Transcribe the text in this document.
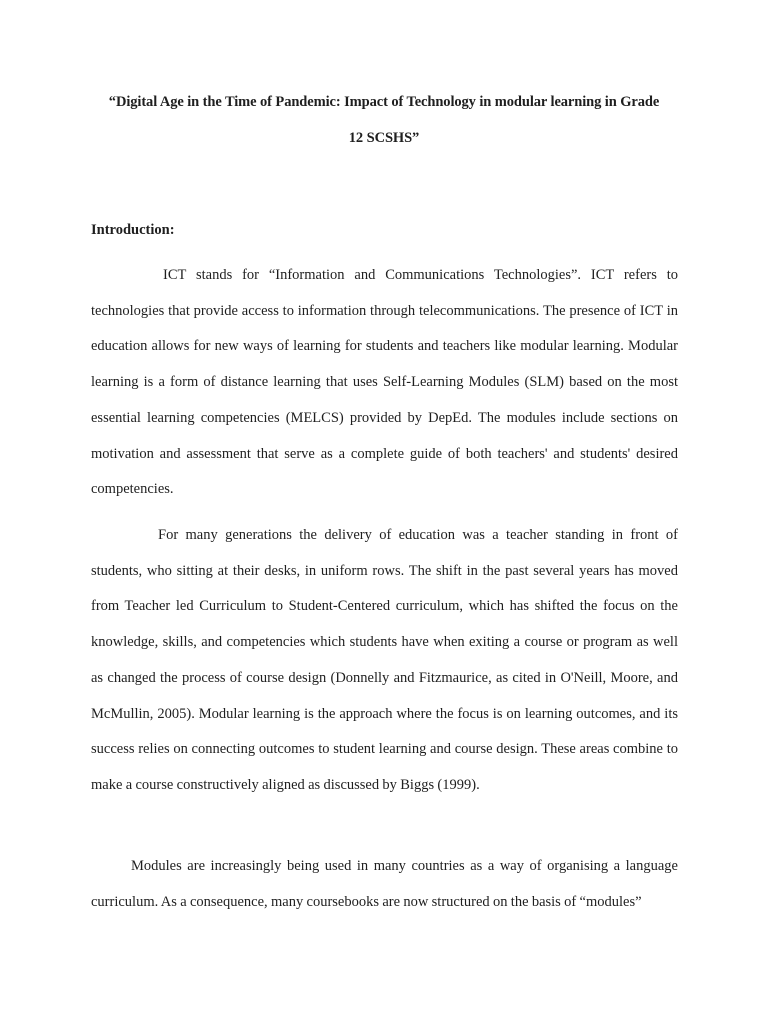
“Digital Age in the Time of Pandemic: Impact of Technology in modular learning in Grade
12 SCSHS”
Introduction:
ICT stands for “Information and Communications Technologies”. ICT refers to technologies that provide access to information through telecommunications. The presence of ICT in education allows for new ways of learning for students and teachers like modular learning. Modular learning is a form of distance learning that uses Self-Learning Modules (SLM) based on the most essential learning competencies (MELCS) provided by DepEd. The modules include sections on motivation and assessment that serve as a complete guide of both teachers' and students' desired competencies.
For many generations the delivery of education was a teacher standing in front of students, who sitting at their desks, in uniform rows. The shift in the past several years has moved from Teacher led Curriculum to Student-Centered curriculum, which has shifted the focus on the knowledge, skills, and competencies which students have when exiting a course or program as well as changed the process of course design (Donnelly and Fitzmaurice, as cited in O'Neill, Moore, and McMullin, 2005). Modular learning is the approach where the focus is on learning outcomes, and its success relies on connecting outcomes to student learning and course design. These areas combine to make a course constructively aligned as discussed by Biggs (1999).
Modules are increasingly being used in many countries as a way of organising a language curriculum. As a consequence, many coursebooks are now structured on the basis of “modules”
